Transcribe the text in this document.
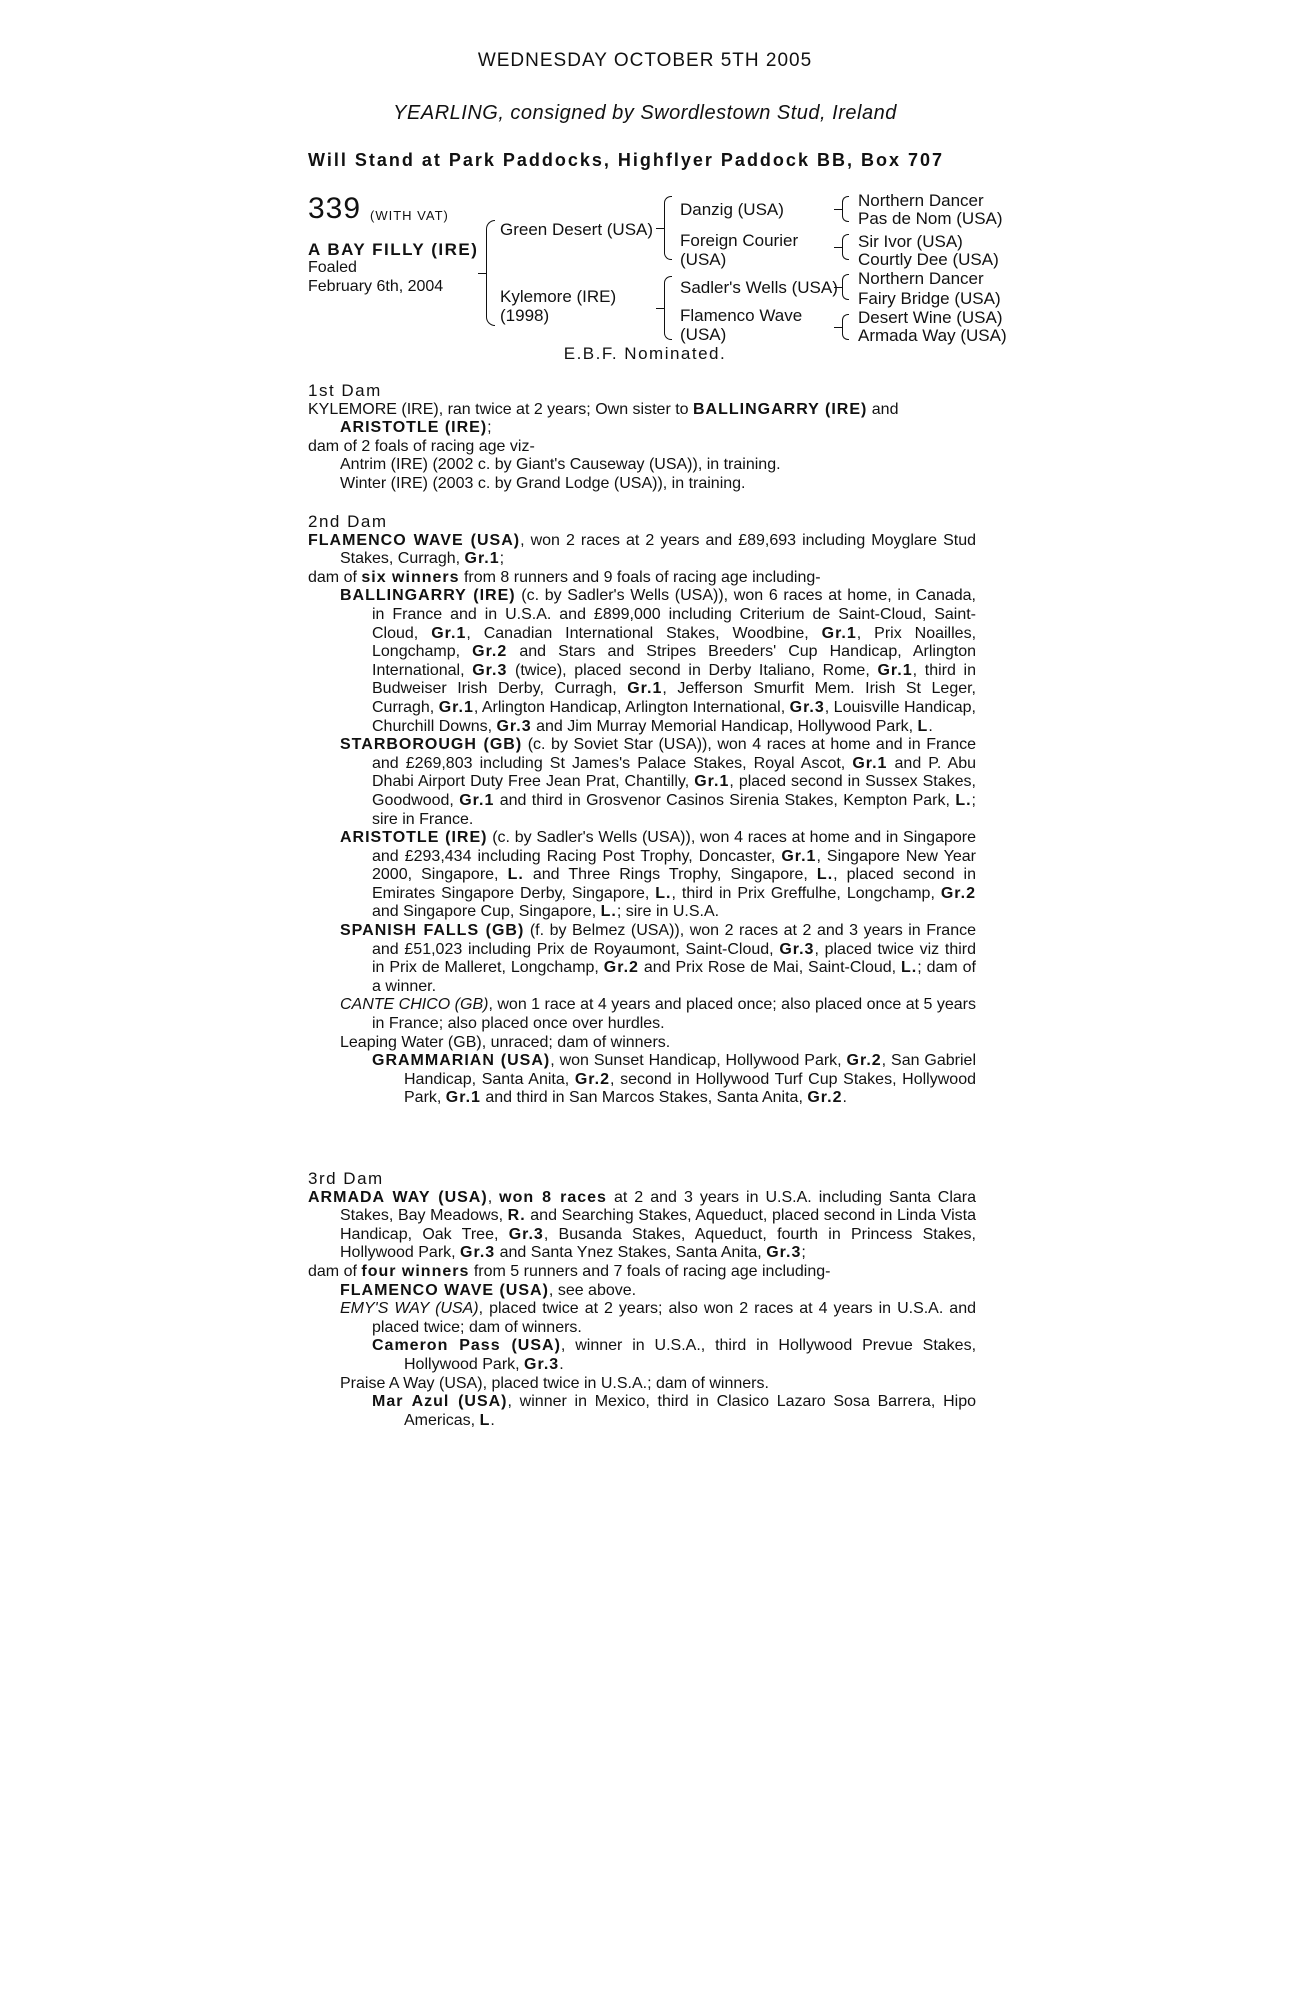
WEDNESDAY OCTOBER 5TH 2005
YEARLING, consigned by Swordlestown Stud, Ireland
Will Stand at Park Paddocks, Highflyer Paddock BB, Box 707
339 (WITH VAT)
A BAY FILLY (IRE)
Foaled
February 6th, 2004
Green Desert (USA)
Kylemore (IRE)
(1998)
Danzig (USA)
Foreign Courier
(USA)
Sadler's Wells (USA)
Flamenco Wave
(USA)
Northern Dancer
Pas de Nom (USA)
Sir Ivor (USA)
Courtly Dee (USA)
Northern Dancer
Fairy Bridge (USA)
Desert Wine (USA)
Armada Way (USA)
E.B.F. Nominated.
1st Dam
KYLEMORE (IRE), ran twice at 2 years; Own sister to BALLINGARRY (IRE) and ARISTOTLE (IRE);
dam of 2 foals of racing age viz-
Antrim (IRE) (2002 c. by Giant's Causeway (USA)), in training.
Winter (IRE) (2003 c. by Grand Lodge (USA)), in training.
2nd Dam
FLAMENCO WAVE (USA), won 2 races at 2 years and £89,693 including Moyglare Stud Stakes, Curragh, Gr.1;
dam of six winners from 8 runners and 9 foals of racing age including-
BALLINGARRY (IRE) (c. by Sadler's Wells (USA)), won 6 races at home, in Canada, in France and in U.S.A. and £899,000 including Criterium de Saint-Cloud, Saint-Cloud, Gr.1, Canadian International Stakes, Woodbine, Gr.1, Prix Noailles, Longchamp, Gr.2 and Stars and Stripes Breeders' Cup Handicap, Arlington International, Gr.3 (twice), placed second in Derby Italiano, Rome, Gr.1, third in Budweiser Irish Derby, Curragh, Gr.1, Jefferson Smurfit Mem. Irish St Leger, Curragh, Gr.1, Arlington Handicap, Arlington International, Gr.3, Louisville Handicap, Churchill Downs, Gr.3 and Jim Murray Memorial Handicap, Hollywood Park, L.
STARBOROUGH (GB) (c. by Soviet Star (USA)), won 4 races at home and in France and £269,803 including St James's Palace Stakes, Royal Ascot, Gr.1 and P. Abu Dhabi Airport Duty Free Jean Prat, Chantilly, Gr.1, placed second in Sussex Stakes, Goodwood, Gr.1 and third in Grosvenor Casinos Sirenia Stakes, Kempton Park, L.; sire in France.
ARISTOTLE (IRE) (c. by Sadler's Wells (USA)), won 4 races at home and in Singapore and £293,434 including Racing Post Trophy, Doncaster, Gr.1, Singapore New Year 2000, Singapore, L. and Three Rings Trophy, Singapore, L., placed second in Emirates Singapore Derby, Singapore, L., third in Prix Greffulhe, Longchamp, Gr.2 and Singapore Cup, Singapore, L.; sire in U.S.A.
SPANISH FALLS (GB) (f. by Belmez (USA)), won 2 races at 2 and 3 years in France and £51,023 including Prix de Royaumont, Saint-Cloud, Gr.3, placed twice viz third in Prix de Malleret, Longchamp, Gr.2 and Prix Rose de Mai, Saint-Cloud, L.; dam of a winner.
CANTE CHICO (GB), won 1 race at 4 years and placed once; also placed once at 5 years in France; also placed once over hurdles.
Leaping Water (GB), unraced; dam of winners.
GRAMMARIAN (USA), won Sunset Handicap, Hollywood Park, Gr.2, San Gabriel Handicap, Santa Anita, Gr.2, second in Hollywood Turf Cup Stakes, Hollywood Park, Gr.1 and third in San Marcos Stakes, Santa Anita, Gr.2.
3rd Dam
ARMADA WAY (USA), won 8 races at 2 and 3 years in U.S.A. including Santa Clara Stakes, Bay Meadows, R. and Searching Stakes, Aqueduct, placed second in Linda Vista Handicap, Oak Tree, Gr.3, Busanda Stakes, Aqueduct, fourth in Princess Stakes, Hollywood Park, Gr.3 and Santa Ynez Stakes, Santa Anita, Gr.3;
dam of four winners from 5 runners and 7 foals of racing age including-
FLAMENCO WAVE (USA), see above.
EMY'S WAY (USA), placed twice at 2 years; also won 2 races at 4 years in U.S.A. and placed twice; dam of winners.
Cameron Pass (USA), winner in U.S.A., third in Hollywood Prevue Stakes, Hollywood Park, Gr.3.
Praise A Way (USA), placed twice in U.S.A.; dam of winners.
Mar Azul (USA), winner in Mexico, third in Clasico Lazaro Sosa Barrera, Hipo Americas, L.
